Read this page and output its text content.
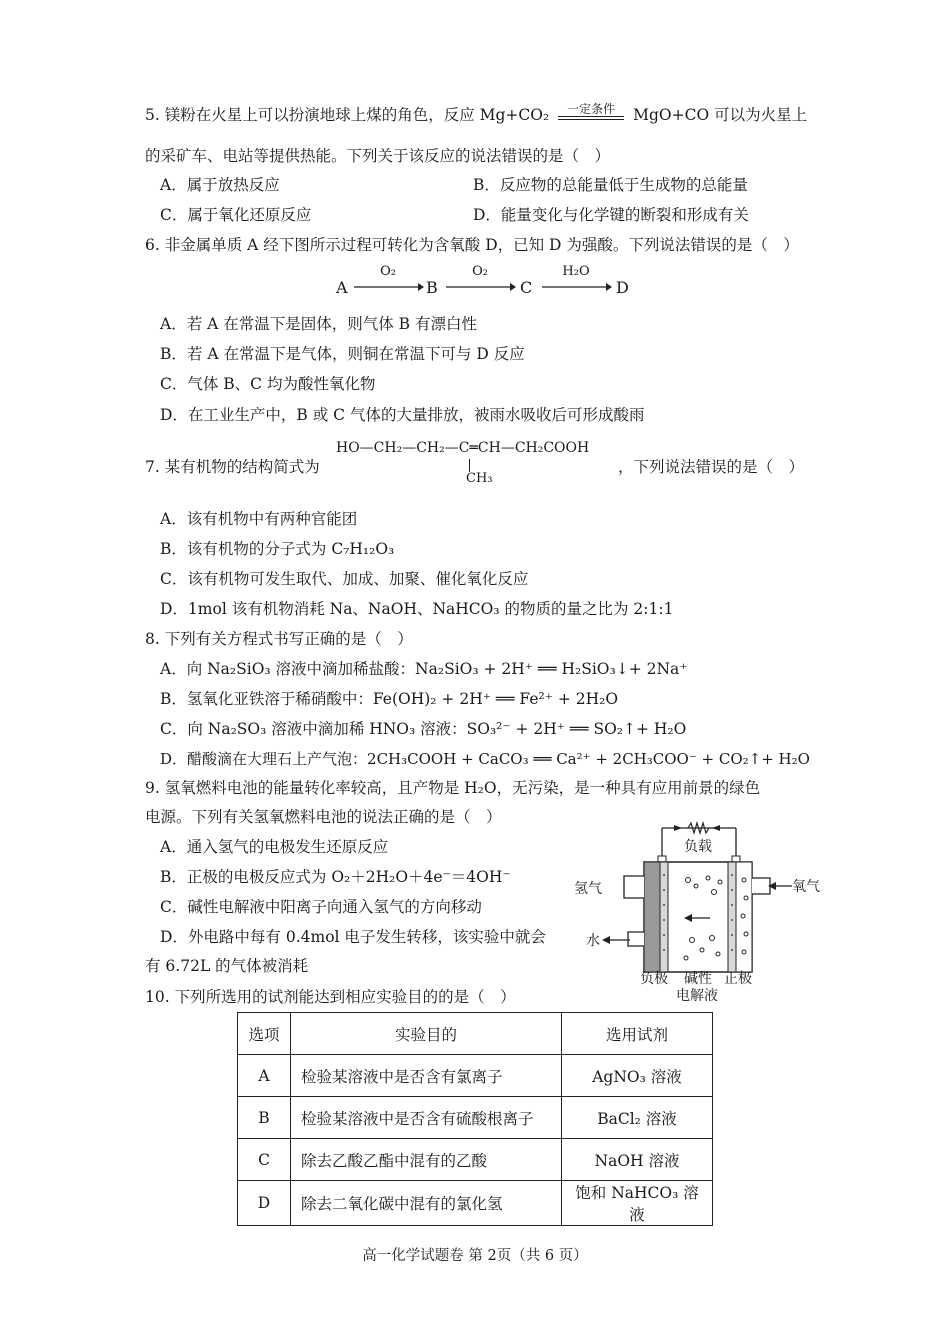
5. 镁粉在火星上可以扮演地球上煤的角色，反应 Mg+CO₂	一定条件	MgO+CO 可以为火星上
的采矿车、电站等提供热能。下列关于该反应的说法错误的是（　）
A．属于放热反应	B．反应物的总能量低于生成物的总能量
C．属于氧化还原反应	D．能量变化与化学键的断裂和形成有关
6. 非金属单质 A 经下图所示过程可转化为含氧酸 D，已知 D 为强酸。下列说法错误的是（　）
A
O₂
B
O₂
C
H₂O
D
A．若 A 在常温下是固体，则气体 B 有漂白性
B．若 A 在常温下是气体，则铜在常温下可与 D 反应
C．气体 B、C 均为酸性氧化物
D．在工业生产中，B 或 C 气体的大量排放，被雨水吸收后可形成酸雨
7. 某有机物的结构简式为
HO—CH₂—CH₂—C═CH—CH₂COOH
CH₃
，下列说法错误的是（　）
A．该有机物中有两种官能团
B．该有机物的分子式为 C₇H₁₂O₃
C．该有机物可发生取代、加成、加聚、催化氧化反应
D．1mol 该有机物消耗 Na、NaOH、NaHCO₃ 的物质的量之比为 2:1:1
8. 下列有关方程式书写正确的是（　）
A．向 Na₂SiO₃ 溶液中滴加稀盐酸：Na₂SiO₃ + 2H⁺ ══ H₂SiO₃↓+ 2Na⁺
B．氢氧化亚铁溶于稀硝酸中：Fe(OH)₂ + 2H⁺ ══ Fe²⁺ + 2H₂O
C．向 Na₂SO₃ 溶液中滴加稀 HNO₃ 溶液：SO₃²⁻ + 2H⁺ ══ SO₂↑+ H₂O
D．醋酸滴在大理石上产气泡：2CH₃COOH + CaCO₃ ══ Ca²⁺ + 2CH₃COO⁻ + CO₂↑+ H₂O
9. 氢氧燃料电池的能量转化率较高，且产物是 H₂O，无污染，是一种具有应用前景的绿色
电源。下列有关氢氧燃料电池的说法正确的是（　）
A．通入氢气的电极发生还原反应
B．正极的电极反应式为 O₂＋2H₂O＋4e⁻＝4OH⁻
C．碱性电解液中阳离子向通入氢气的方向移动
D．外电路中每有 0.4mol 电子发生转移，该实验中就会
有 6.72L 的气体被消耗
负载
氢气	氧气
水
负极 碱性
电解液
正极
10. 下列所选用的试剂能达到相应实验目的的是（　）
选项	实验目的	选用试剂
A	检验某溶液中是否含有氯离子	AgNO₃ 溶液
B	检验某溶液中是否含有硫酸根离子	BaCl₂ 溶液
C	除去乙酸乙酯中混有的乙酸	NaOH 溶液
D	除去二氧化碳中混有的氯化氢	饱和 NaHCO₃ 溶液
高一化学试题卷 第 2页（共 6 页）
